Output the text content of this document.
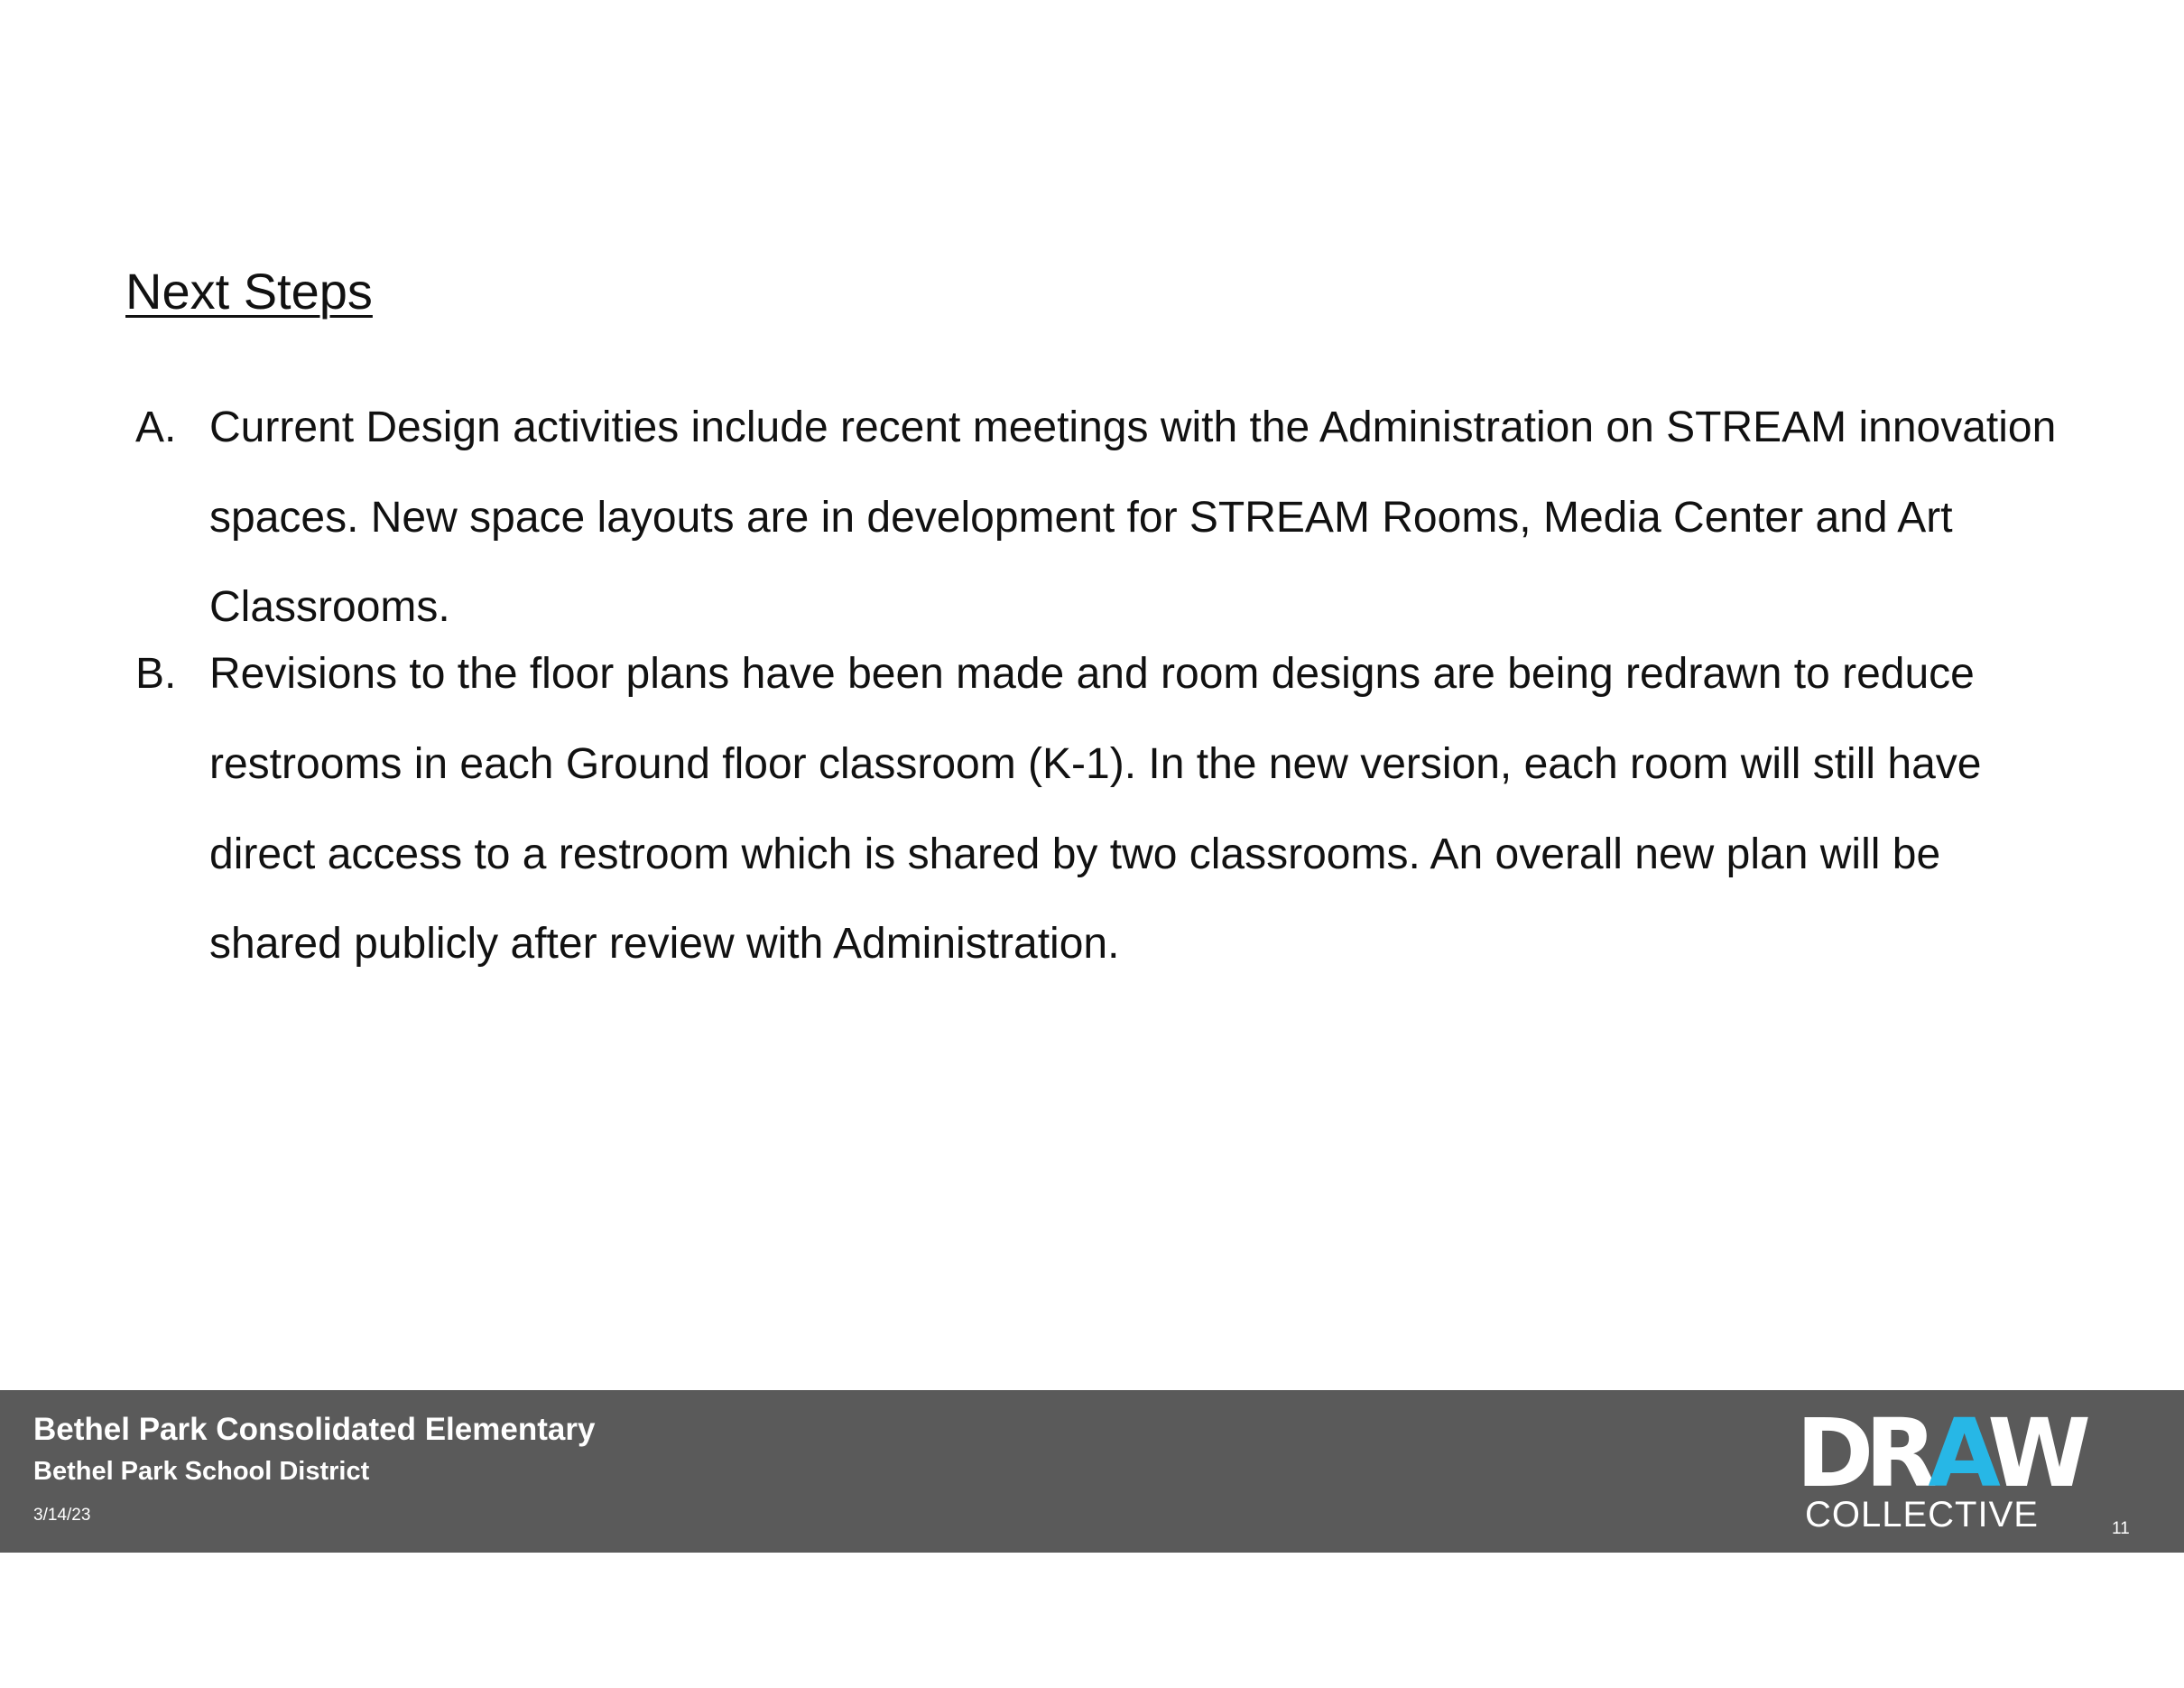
Next Steps
A. Current Design activities include recent meetings with the Administration on STREAM innovation spaces. New space layouts are in development for STREAM Rooms, Media Center and Art Classrooms.
B. Revisions to the floor plans have been made and room designs are being redrawn to reduce restrooms in each Ground floor classroom (K-1). In the new version, each room will still have direct access to a restroom which is shared by two classrooms. An overall new plan will be shared publicly after review with Administration.
Bethel Park Consolidated Elementary
Bethel Park School District
3/14/23
DRAW
COLLECTIVE	11
